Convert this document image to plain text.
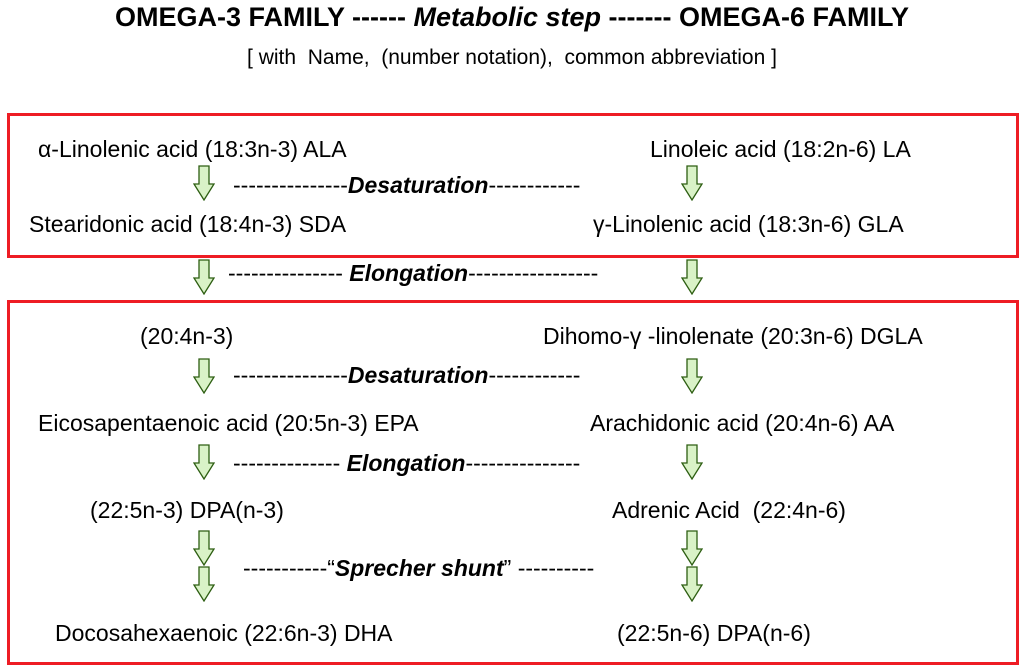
OMEGA-3 FAMILY ------ Metabolic step ------- OMEGA-6 FAMILY
[ with  Name,  (number notation),  common abbreviation ]
α-Linolenic acid (18:3n-3) ALA	Linoleic acid (18:2n-6) LA
---------------Desaturation------------
Stearidonic acid (18:4n-3) SDA	γ-Linolenic acid (18:3n-6) GLA
--------------- Elongation-----------------
(20:4n-3)	Dihomo-γ -linolenate (20:3n-6) DGLA
---------------Desaturation------------
Eicosapentaenoic acid (20:5n-3) EPA	Arachidonic acid (20:4n-6) AA
-------------- Elongation---------------
(22:5n-3) DPA(n-3)	Adrenic Acid  (22:4n-6)
-----------“Sprecher shunt” ----------
Docosahexaenoic (22:6n-3) DHA	(22:5n-6) DPA(n-6)
